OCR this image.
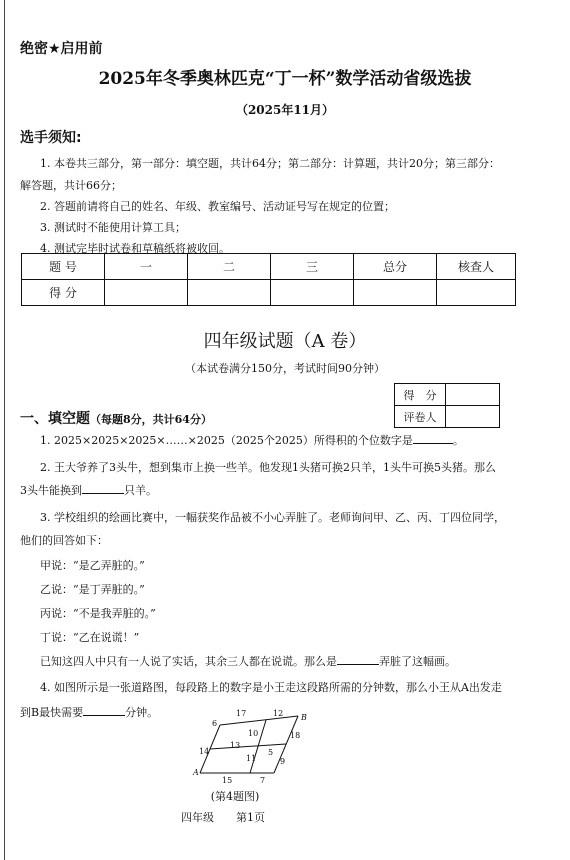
绝密★启用前
2025年冬季奥林匹克“丁一杯”数学活动省级选拔
（2025年11月）
选手须知:
1. 本卷共三部分，第一部分：填空题，共计64分；第二部分：计算题，共计20分；第三部分：
解答题，共计66分；
2. 答题前请将自己的姓名、年级、教室编号、活动证号写在规定的位置；
3. 测试时不能使用计算工具；
4. 测试完毕时试卷和草稿纸将被收回。
题 号	一	二	三	总分	核查人
得 分					
四年级试题（A 卷）
（本试卷满分150分，考试时间90分钟）
得　分	
评卷人	
一、填空题（每题8分，共计64分）
1. 2025×2025×2025×……×2025（2025个2025）所得积的个位数字是	。
2. 王大爷养了3头牛，想到集市上换一些羊。他发现1头猪可换2只羊，1头牛可换5头猪。那么
3头牛能换到	只羊。
3. 学校组织的绘画比赛中，一幅获奖作品被不小心弄脏了。老师询问甲、乙、丙、丁四位同学，
他们的回答如下：
甲说：“是乙弄脏的。”
乙说：“是丁弄脏的。”
丙说：“不是我弄脏的。”
丁说：“乙在说谎！”
已知这四人中只有一人说了实话，其余三人都在说谎。那么是	弄脏了这幅画。
4. 如图所示是一张道路图，每段路上的数字是小王走这段路所需的分钟数，那么小王从A出发走
到B最快需要	分钟。
A
B
17	12
6
10	18
13
14	5
11	9
15	7
(第4题图)
四年级 第1页
